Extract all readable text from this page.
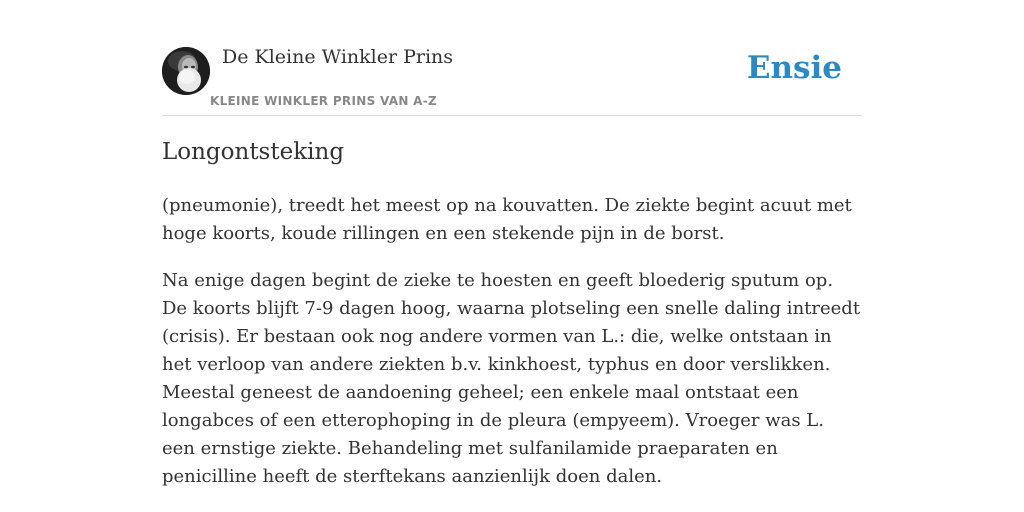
De Kleine Winkler Prins
KLEINE WINKLER PRINS VAN A-Z
Ensie
Longontsteking

(pneumonie), treedt het meest op na kouvatten. De ziekte begint acuut met hoge koorts, koude rillingen en een stekende pijn in de borst.

Na enige dagen begint de zieke te hoesten en geeft bloederig sputum op. De koorts blijft 7-9 dagen hoog, waarna plotseling een snelle daling intreedt (crisis). Er bestaan ook nog andere vormen van L.: die, welke ontstaan in het verloop van andere ziekten b.v. kinkhoest, typhus en door verslikken. Meestal geneest de aandoening geheel; een enkele maal ontstaat een longabces of een etterophoping in de pleura (empyeem). Vroeger was L. een ernstige ziekte. Behandeling met sulfanilamide praeparaten en penicilline heeft de sterftekans aanzienlijk doen dalen.
